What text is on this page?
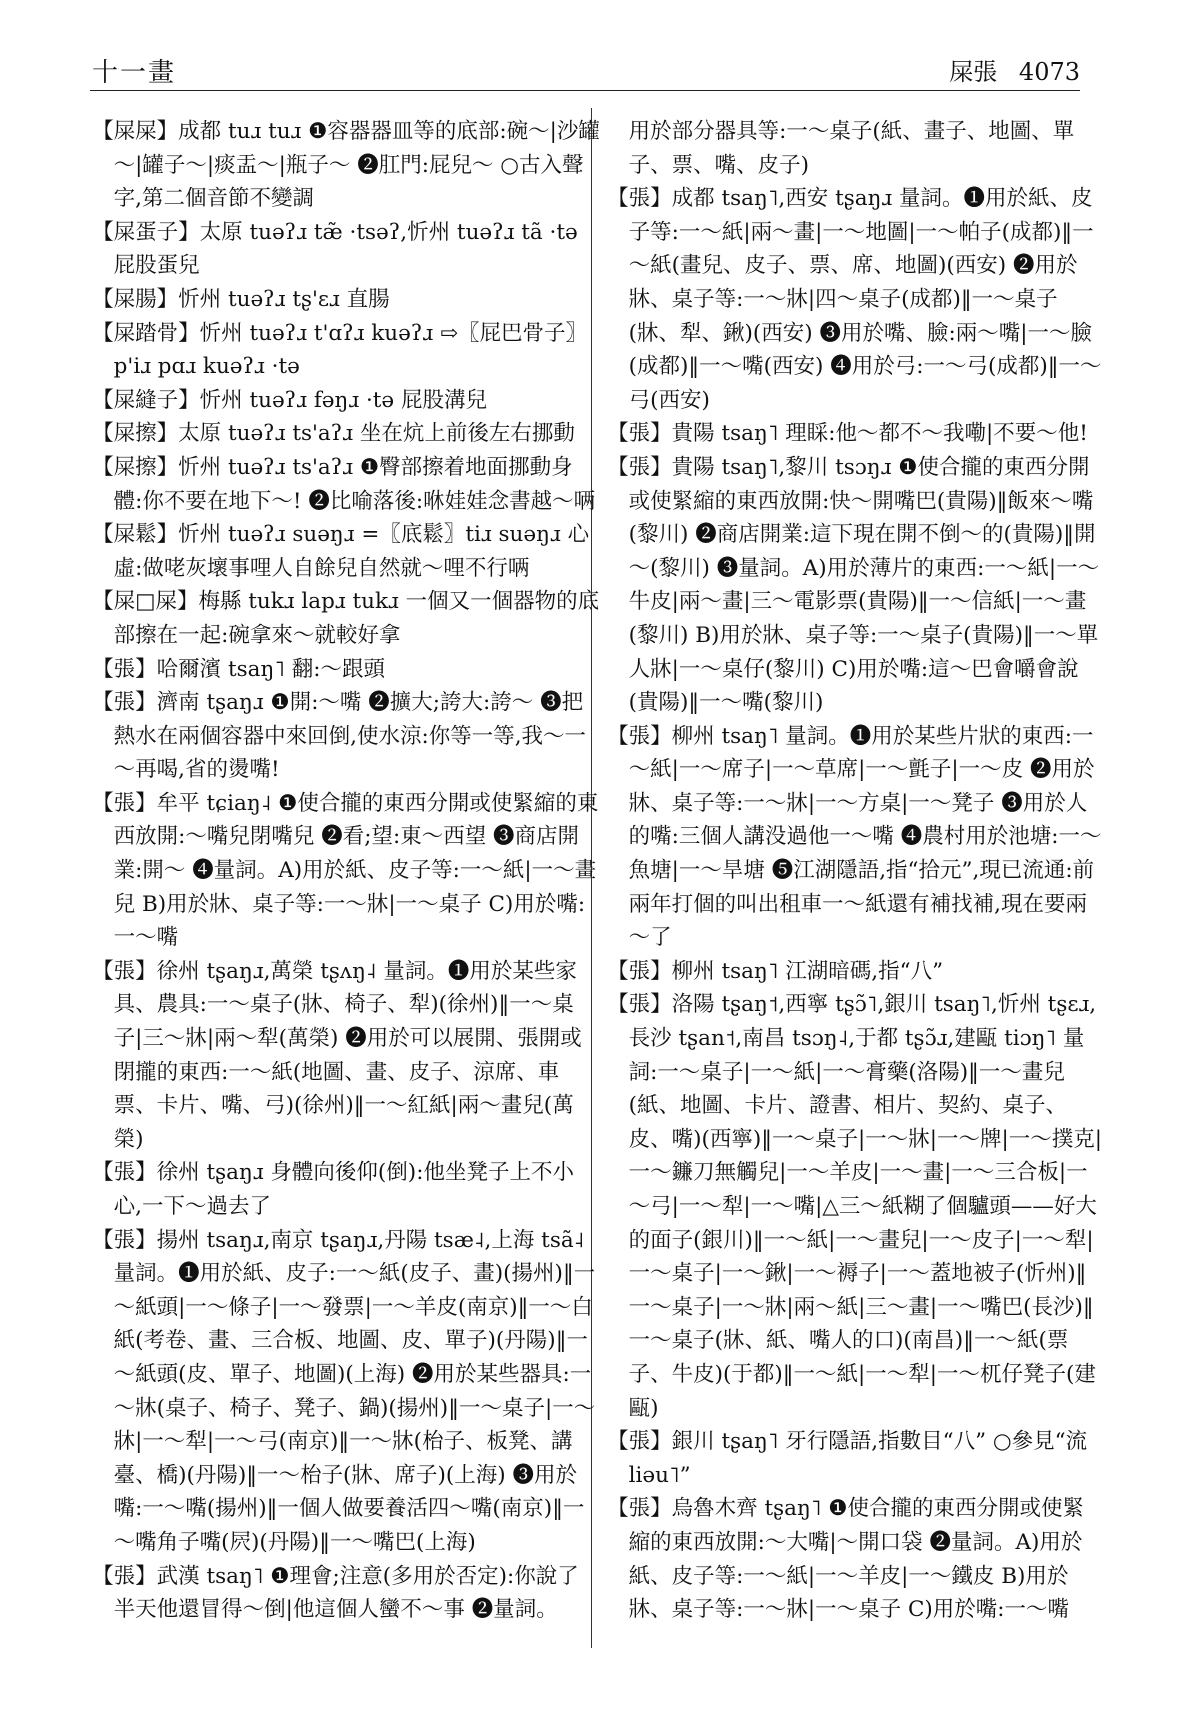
十一畫	屎張 4073

【屎屎】成都 tuɹ tuɹ ❶容器器皿等的底部:碗～|沙罐～|罐子～|痰盂～|瓶子～ ❷肛門:屁兒～ ○古入聲字,第二個音節不變調

【屎蛋子】太原 tuəʔɹ tæ̃ ·tsəʔ,忻州 tuəʔɹ tã ·tə 屁股蛋兒

【屎腸】忻州 tuəʔɹ tʂ'ɛɹ 直腸

【屎踏骨】忻州 tuəʔɹ t'ɑʔɹ kuəʔɹ ⇨〖屁巴骨子〗p'iɹ pɑɹ kuəʔɹ ·tə

【屎縫子】忻州 tuəʔɹ fəŋɹ ·tə 屁股溝兒

【屎擦】太原 tuəʔɹ ts'aʔɹ 坐在炕上前後左右挪動

【屎擦】忻州 tuəʔɹ ts'aʔɹ ❶臀部擦着地面挪動身體:你不要在地下～! ❷比喻落後:咻娃娃念書越～唡

【屎鬆】忻州 tuəʔɹ suəŋɹ =〖底鬆〗tiɹ suəŋɹ 心虛:做咾灰壞事哩人自餘兒自然就～哩不行唡

【屎□屎】梅縣 tukɹ lapɹ tukɹ 一個又一個器物的底部擦在一起:碗拿來～就較好拿

【張】哈爾濱 tsaŋ˥ 翻:～跟頭

【張】濟南 tʂaŋɹ ❶開:～嘴 ❷擴大;誇大:誇～ ❸把熱水在兩個容器中來回倒,使水涼:你等一等,我～一～再喝,省的燙嘴!

【張】牟平 tɕiaŋ˨ ❶使合攏的東西分開或使緊縮的東西放開:～嘴兒閉嘴兒 ❷看;望:東～西望 ❸商店開業:開～ ❹量詞。A)用於紙、皮子等:一～紙|一～畫兒 B)用於牀、桌子等:一～牀|一～桌子 C)用於嘴:一～嘴

【張】徐州 tʂaŋɹ,萬榮 tʂʌŋ˨ 量詞。❶用於某些家具、農具:一～桌子(牀、椅子、犁)(徐州)‖一～桌子|三～牀|兩～犁(萬榮) ❷用於可以展開、張開或閉攏的東西:一～紙(地圖、畫、皮子、涼席、車票、卡片、嘴、弓)(徐州)‖一～紅紙|兩～畫兒(萬榮)

【張】徐州 tʂaŋɹ 身體向後仰(倒):他坐凳子上不小心,一下～過去了

【張】揚州 tsaŋɹ,南京 tʂaŋɹ,丹陽 tsæ˨,上海 tsã˨ 量詞。❶用於紙、皮子:一～紙(皮子、畫)(揚州)‖一～紙頭|一～條子|一～發票|一～羊皮(南京)‖一～白紙(考卷、畫、三合板、地圖、皮、單子)(丹陽)‖一～紙頭(皮、單子、地圖)(上海) ❷用於某些器具:一～牀(桌子、椅子、凳子、鍋)(揚州)‖一～桌子|一～牀|一～犁|一～弓(南京)‖一～牀(枱子、板凳、講臺、橋)(丹陽)‖一～枱子(牀、席子)(上海) ❸用於嘴:一～嘴(揚州)‖一個人做要養活四～嘴(南京)‖一～嘴角子嘴(屄)(丹陽)‖一～嘴巴(上海)

【張】武漢 tsaŋ˥ ❶理會;注意(多用於否定):你說了半天他還冒得～倒|他這個人蠻不～事 ❷量詞。

用於部分器具等:一～桌子(紙、畫子、地圖、單子、票、嘴、皮子)

【張】成都 tsaŋ˥,西安 tʂaŋɹ 量詞。❶用於紙、皮子等:一～紙|兩～畫|一～地圖|一～帕子(成都)‖一～紙(畫兒、皮子、票、席、地圖)(西安) ❷用於牀、桌子等:一～牀|四～桌子(成都)‖一～桌子(牀、犁、鍬)(西安) ❸用於嘴、臉:兩～嘴|一～臉(成都)‖一～嘴(西安) ❹用於弓:一～弓(成都)‖一～弓(西安)

【張】貴陽 tsaŋ˥ 理睬:他～都不～我嘞|不要～他!

【張】貴陽 tsaŋ˥,黎川 tsɔŋɹ ❶使合攏的東西分開或使緊縮的東西放開:快～開嘴巴(貴陽)‖飯來～嘴(黎川) ❷商店開業:這下現在開不倒～的(貴陽)‖開～(黎川) ❸量詞。A)用於薄片的東西:一～紙|一～牛皮|兩～畫|三～電影票(貴陽)‖一～信紙|一～畫(黎川) B)用於牀、桌子等:一～桌子(貴陽)‖一～單人牀|一～桌仔(黎川) C)用於嘴:這～巴會嚼會說(貴陽)‖一～嘴(黎川)

【張】柳州 tsaŋ˥ 量詞。❶用於某些片狀的東西:一～紙|一～席子|一～草席|一～氈子|一～皮 ❷用於牀、桌子等:一～牀|一～方桌|一～凳子 ❸用於人的嘴:三個人講没過他一～嘴 ❹農村用於池塘:一～魚塘|一～旱塘 ❺江湖隱語,指“拾元”,現已流通:前兩年打個的叫出租車一～紙還有補找補,現在要兩～了

【張】柳州 tsaŋ˥ 江湖暗碼,指“八”

【張】洛陽 tʂaŋ˦,西寧 tʂɔ̃˥,銀川 tsaŋ˥,忻州 tʂɛɹ,長沙 tʂan˦,南昌 tsɔŋ˨,于都 tʂɔ̃ɹ,建甌 tiɔŋ˥ 量詞:一～桌子|一～紙|一～膏藥(洛陽)‖一～畫兒(紙、地圖、卡片、證書、相片、契約、桌子、皮、嘴)(西寧)‖一～桌子|一～牀|一～牌|一～撲克|一～鐮刀無觸兒|一～羊皮|一～畫|一～三合板|一～弓|一～犁|一～嘴|△三～紙糊了個驢頭——好大的面子(銀川)‖一～紙|一～畫兒|一～皮子|一～犁|一～桌子|一～鍬|一～褥子|一～蓋地被子(忻州)‖一～桌子|一～牀|兩～紙|三～畫|一～嘴巴(長沙)‖一～桌子(牀、紙、嘴人的口)(南昌)‖一～紙(票子、牛皮)(于都)‖一～紙|一～犁|一～杌仔凳子(建甌)

【張】銀川 tʂaŋ˥ 牙行隱語,指數目“八” ○參見“流liəu˥”

【張】烏魯木齊 tʂaŋ˥ ❶使合攏的東西分開或使緊縮的東西放開:～大嘴|～開口袋 ❷量詞。A)用於紙、皮子等:一～紙|一～羊皮|一～鐵皮 B)用於牀、桌子等:一～牀|一～桌子 C)用於嘴:一～嘴
